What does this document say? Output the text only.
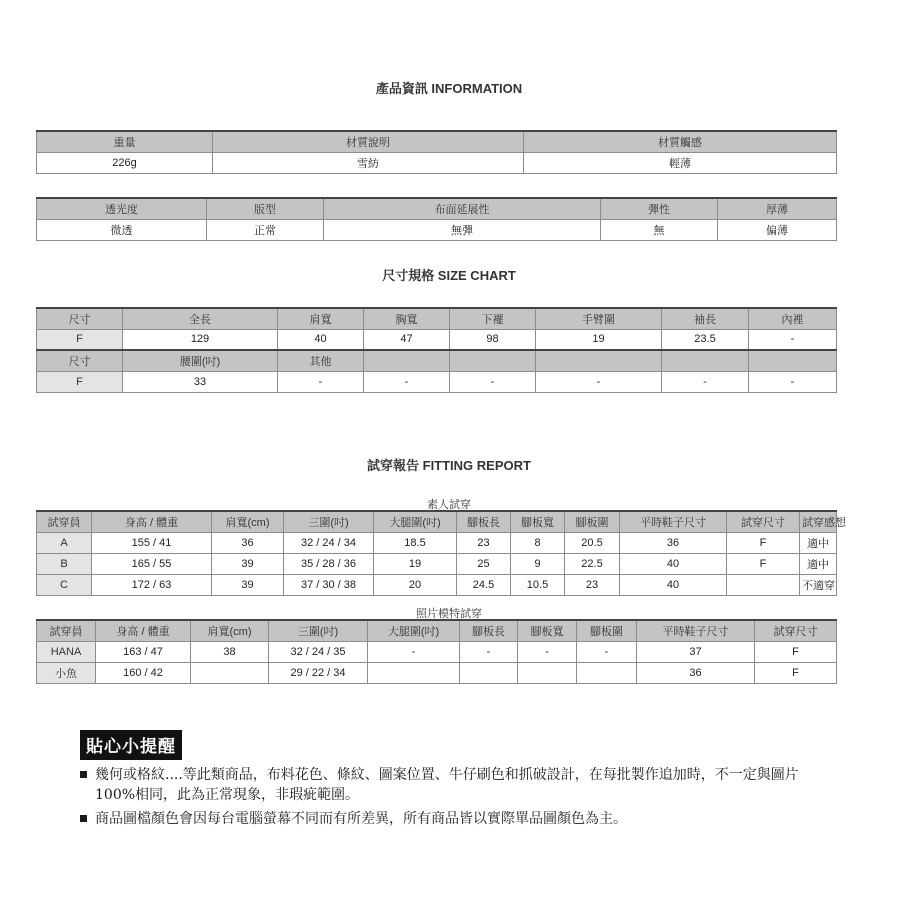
產品資訊 INFORMATION
重量	材質說明	材質觸感
226g	雪紡	輕薄
透光度	版型	布面延展性	彈性	厚薄
微透	正常	無彈	無	偏薄
尺寸規格 SIZE CHART
尺寸	全長	肩寬	胸寬	下襬	手臂圍	袖長	內裡
F	129	40	47	98	19	23.5	-
尺寸	腰圍(吋)	其他					
F	33	-	-	-	-	-	-
試穿報告 FITTING REPORT
素人試穿
試穿員	身高 / 體重	肩寬(cm)	三圍(吋)	大腿圍(吋)	腳板長	腳板寬	腳板圍	平時鞋子尺寸	試穿尺寸	試穿感想
A	155 / 41	36	32 / 24 / 34	18.5	23	8	20.5	36	F	適中
B	165 / 55	39	35 / 28 / 36	19	25	9	22.5	40	F	適中
C	172 / 63	39	37 / 30 / 38	20	24.5	10.5	23	40		不適穿
照片模特試穿
試穿員	身高 / 體重	肩寬(cm)	三圍(吋)	大腿圍(吋)	腳板長	腳板寬	腳板圍	平時鞋子尺寸	試穿尺寸
HANA	163 / 47	38	32 / 24 / 35	-	-	-	-	37	F
小魚	160 / 42		29 / 22 / 34					36	F
貼心小提醒
幾何或格紋....等此類商品，布料花色、條紋、圖案位置、牛仔刷色和抓破設計，在每批製作追加時，不一定與圖片100%相同，此為正常現象，非瑕疵範圍。
商品圖檔顏色會因每台電腦螢幕不同而有所差異，所有商品皆以實際單品圖顏色為主。
